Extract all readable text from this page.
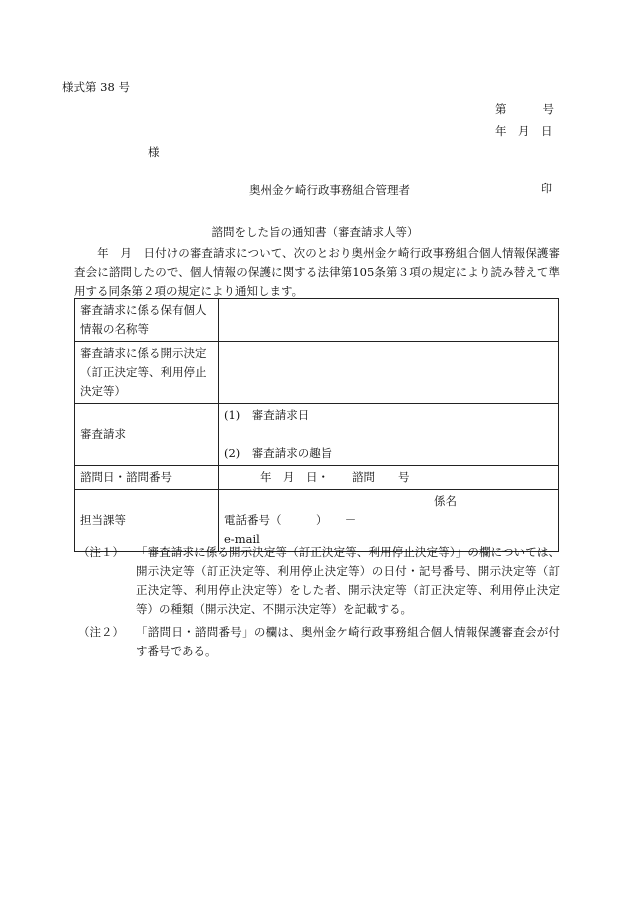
様式第 38 号
第	号
年　月　日
様
奥州金ケ崎行政事務組合管理者	印
諮問をした旨の通知書（審査請求人等）
　　年　月　日付けの審査請求について、次のとおり奥州金ケ崎行政事務組合個人情報保護審査会に諮問したので、個人情報の保護に関する法律第105条第３項の規定により読み替えて準用する同条第２項の規定により通知します。
審査請求に係る保有個人情報の名称等	
審査請求に係る開示決定（訂正決定等、利用停止決定等）	
審査請求	(1)　審査請求日
(2)　審査請求の趣旨

諮問日・諮問番号	年　月　日・　　諮問　　号
担当課等	係名
電話番号（　　　）　　－
e-mail
（注１） 「審査請求に係る開示決定等（訂正決定等、利用停止決定等）」の欄については、開示決定等（訂正決定等、利用停止決定等）の日付・記号番号、開示決定等（訂正決定等、利用停止決定等）をした者、開示決定等（訂正決定等、利用停止決定等）の種類（開示決定、不開示決定等）を記載する。
（注２） 「諮問日・諮問番号」の欄は、奥州金ケ崎行政事務組合個人情報保護審査会が付す番号である。
